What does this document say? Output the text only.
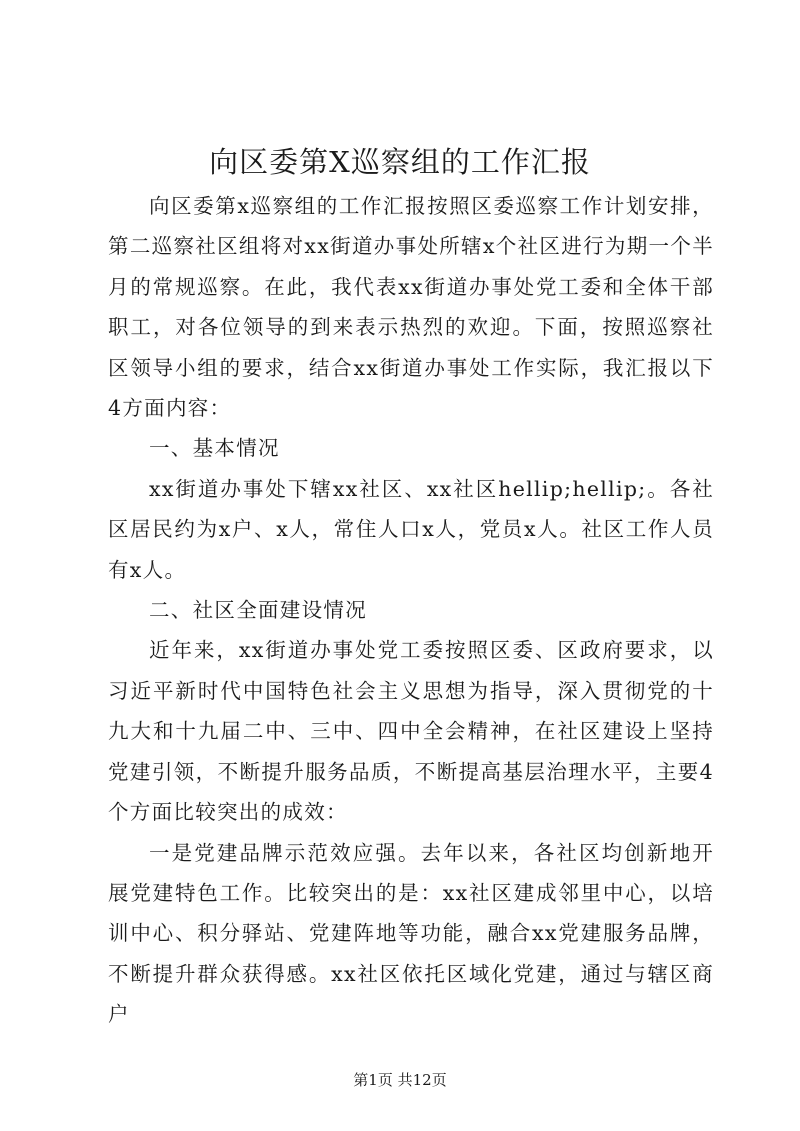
向区委第X巡察组的工作汇报

向区委第x巡察组的工作汇报按照区委巡察工作计划安排，第二巡察社区组将对xx街道办事处所辖x个社区进行为期一个半月的常规巡察。在此，我代表xx街道办事处党工委和全体干部职工，对各位领导的到来表示热烈的欢迎。下面，按照巡察社区领导小组的要求，结合xx街道办事处工作实际，我汇报以下4方面内容：

一、基本情况

xx街道办事处下辖xx社区、xx社区hellip;hellip;。各社区居民约为x户、x人，常住人口x人，党员x人。社区工作人员有x人。

二、社区全面建设情况

近年来，xx街道办事处党工委按照区委、区政府要求，以习近平新时代中国特色社会主义思想为指导，深入贯彻党的十九大和十九届二中、三中、四中全会精神，在社区建设上坚持党建引领，不断提升服务品质，不断提高基层治理水平，主要4个方面比较突出的成效：

一是党建品牌示范效应强。去年以来，各社区均创新地开展党建特色工作。比较突出的是：xx社区建成邻里中心，以培训中心、积分驿站、党建阵地等功能，融合xx党建服务品牌，不断提升群众获得感。xx社区依托区域化党建，通过与辖区商户

第1页 共12页
